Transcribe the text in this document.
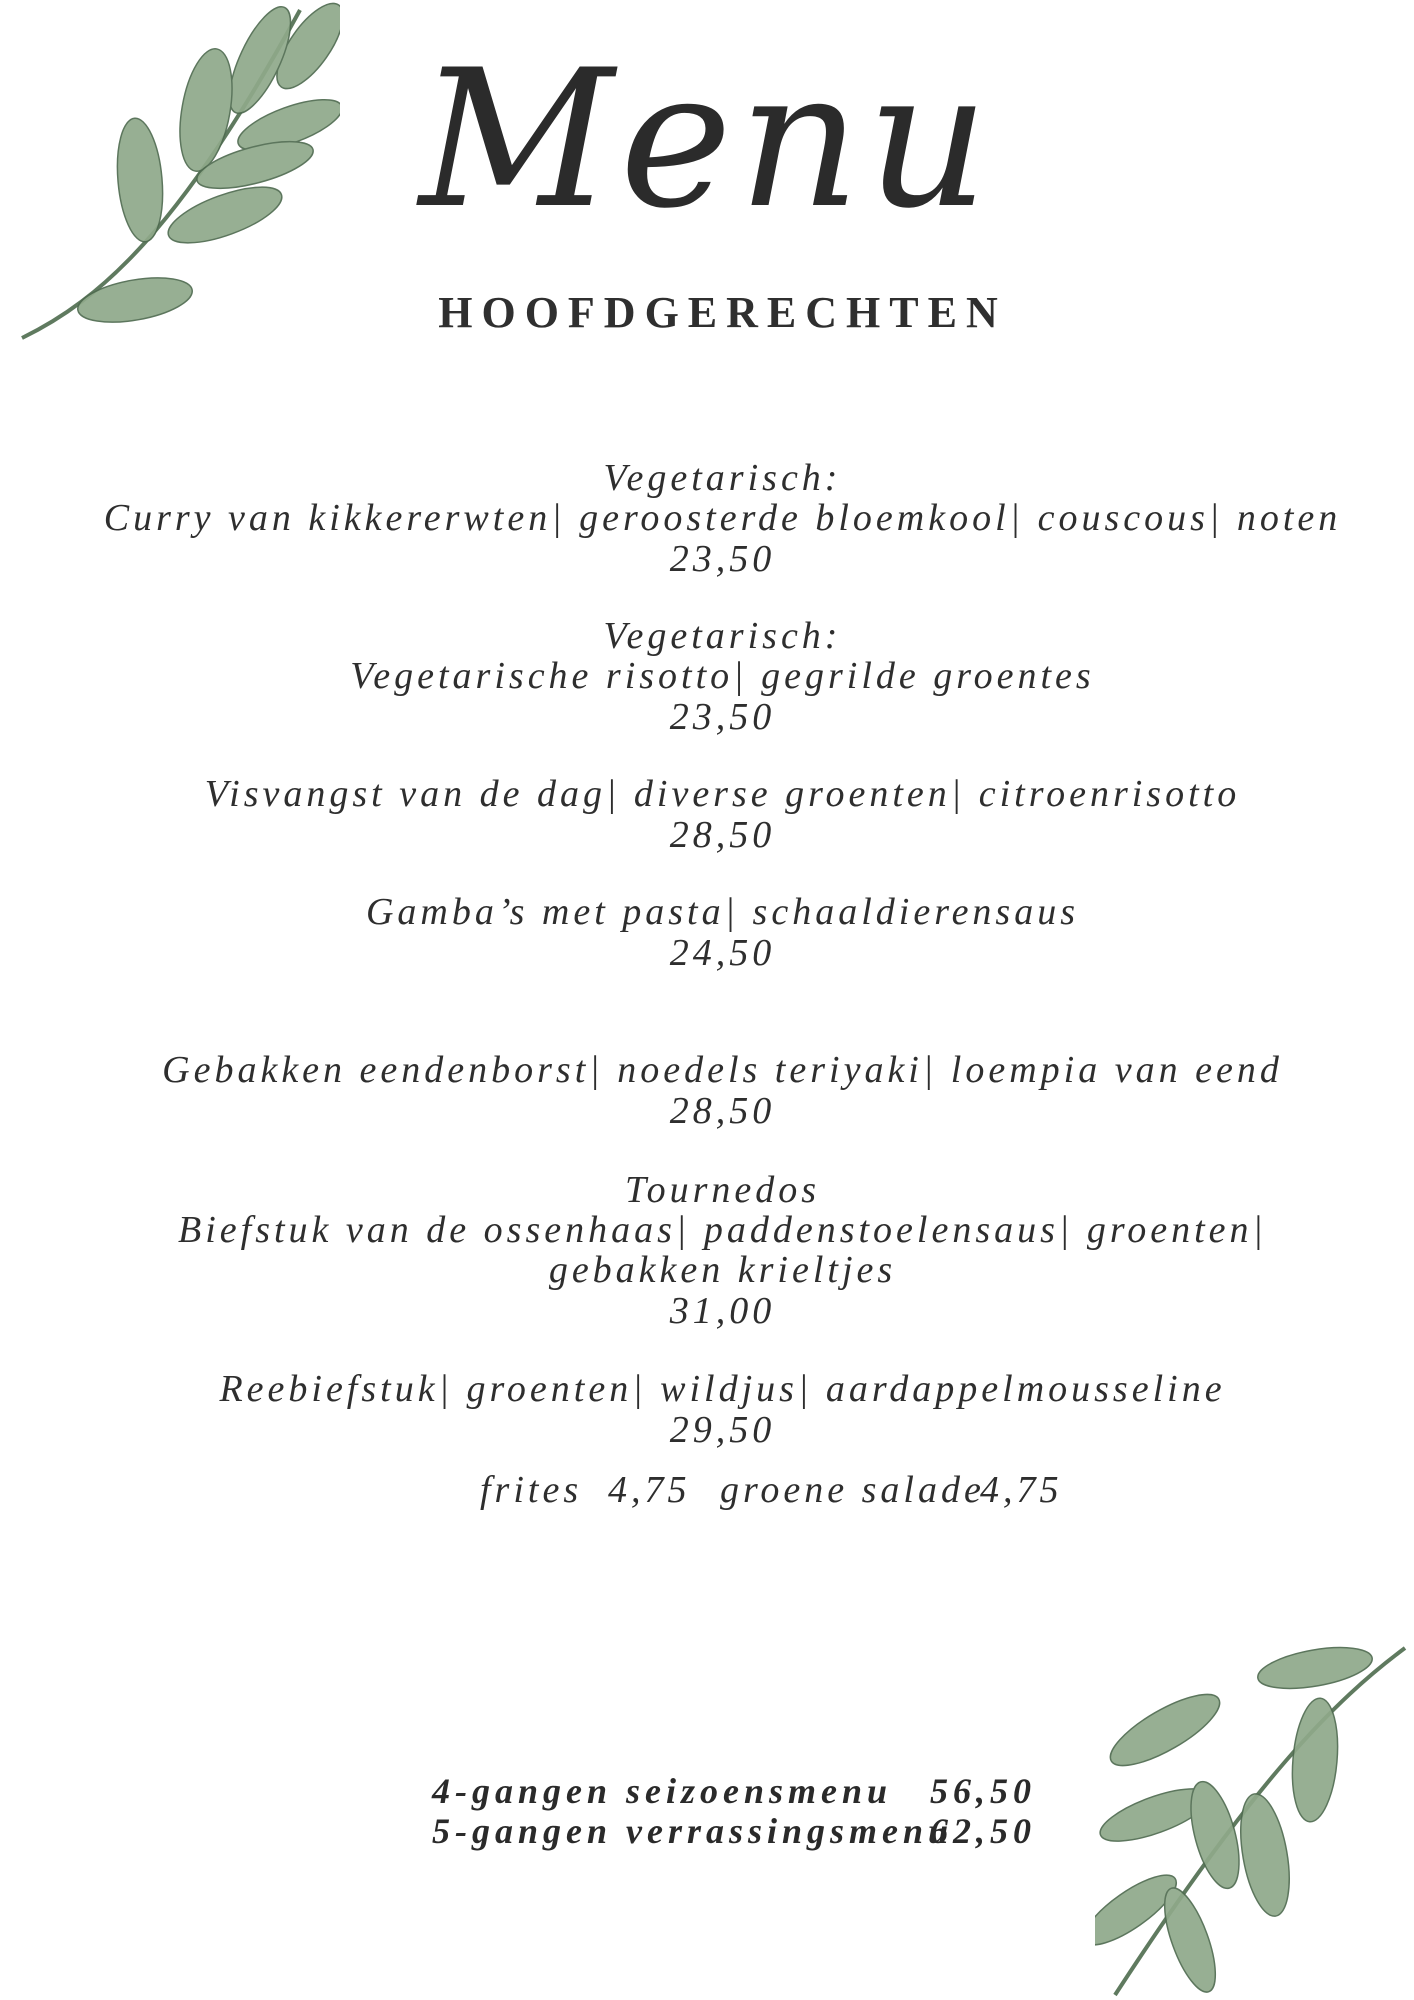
Menu
HOOFDGERECHTEN
Vegetarisch:
Curry van kikkererwten| geroosterde bloemkool| couscous| noten
23,50
Vegetarisch:
Vegetarische risotto| gegrilde groentes
23,50
Visvangst van de dag| diverse groenten| citroenrisotto
28,50
Gamba’s met pasta| schaaldierensaus
24,50
Gebakken eendenborst| noedels teriyaki| loempia van eend
28,50
Tournedos
Biefstuk van de ossenhaas| paddenstoelensaus| groenten|
gebakken krieltjes
31,00
Reebiefstuk| groenten| wildjus| aardappelmousseline
29,50
frites 4,75 groene salade
4,75
4-gangen seizoensmenu 56,50
5-gangen verrassingsmenu
62,50
